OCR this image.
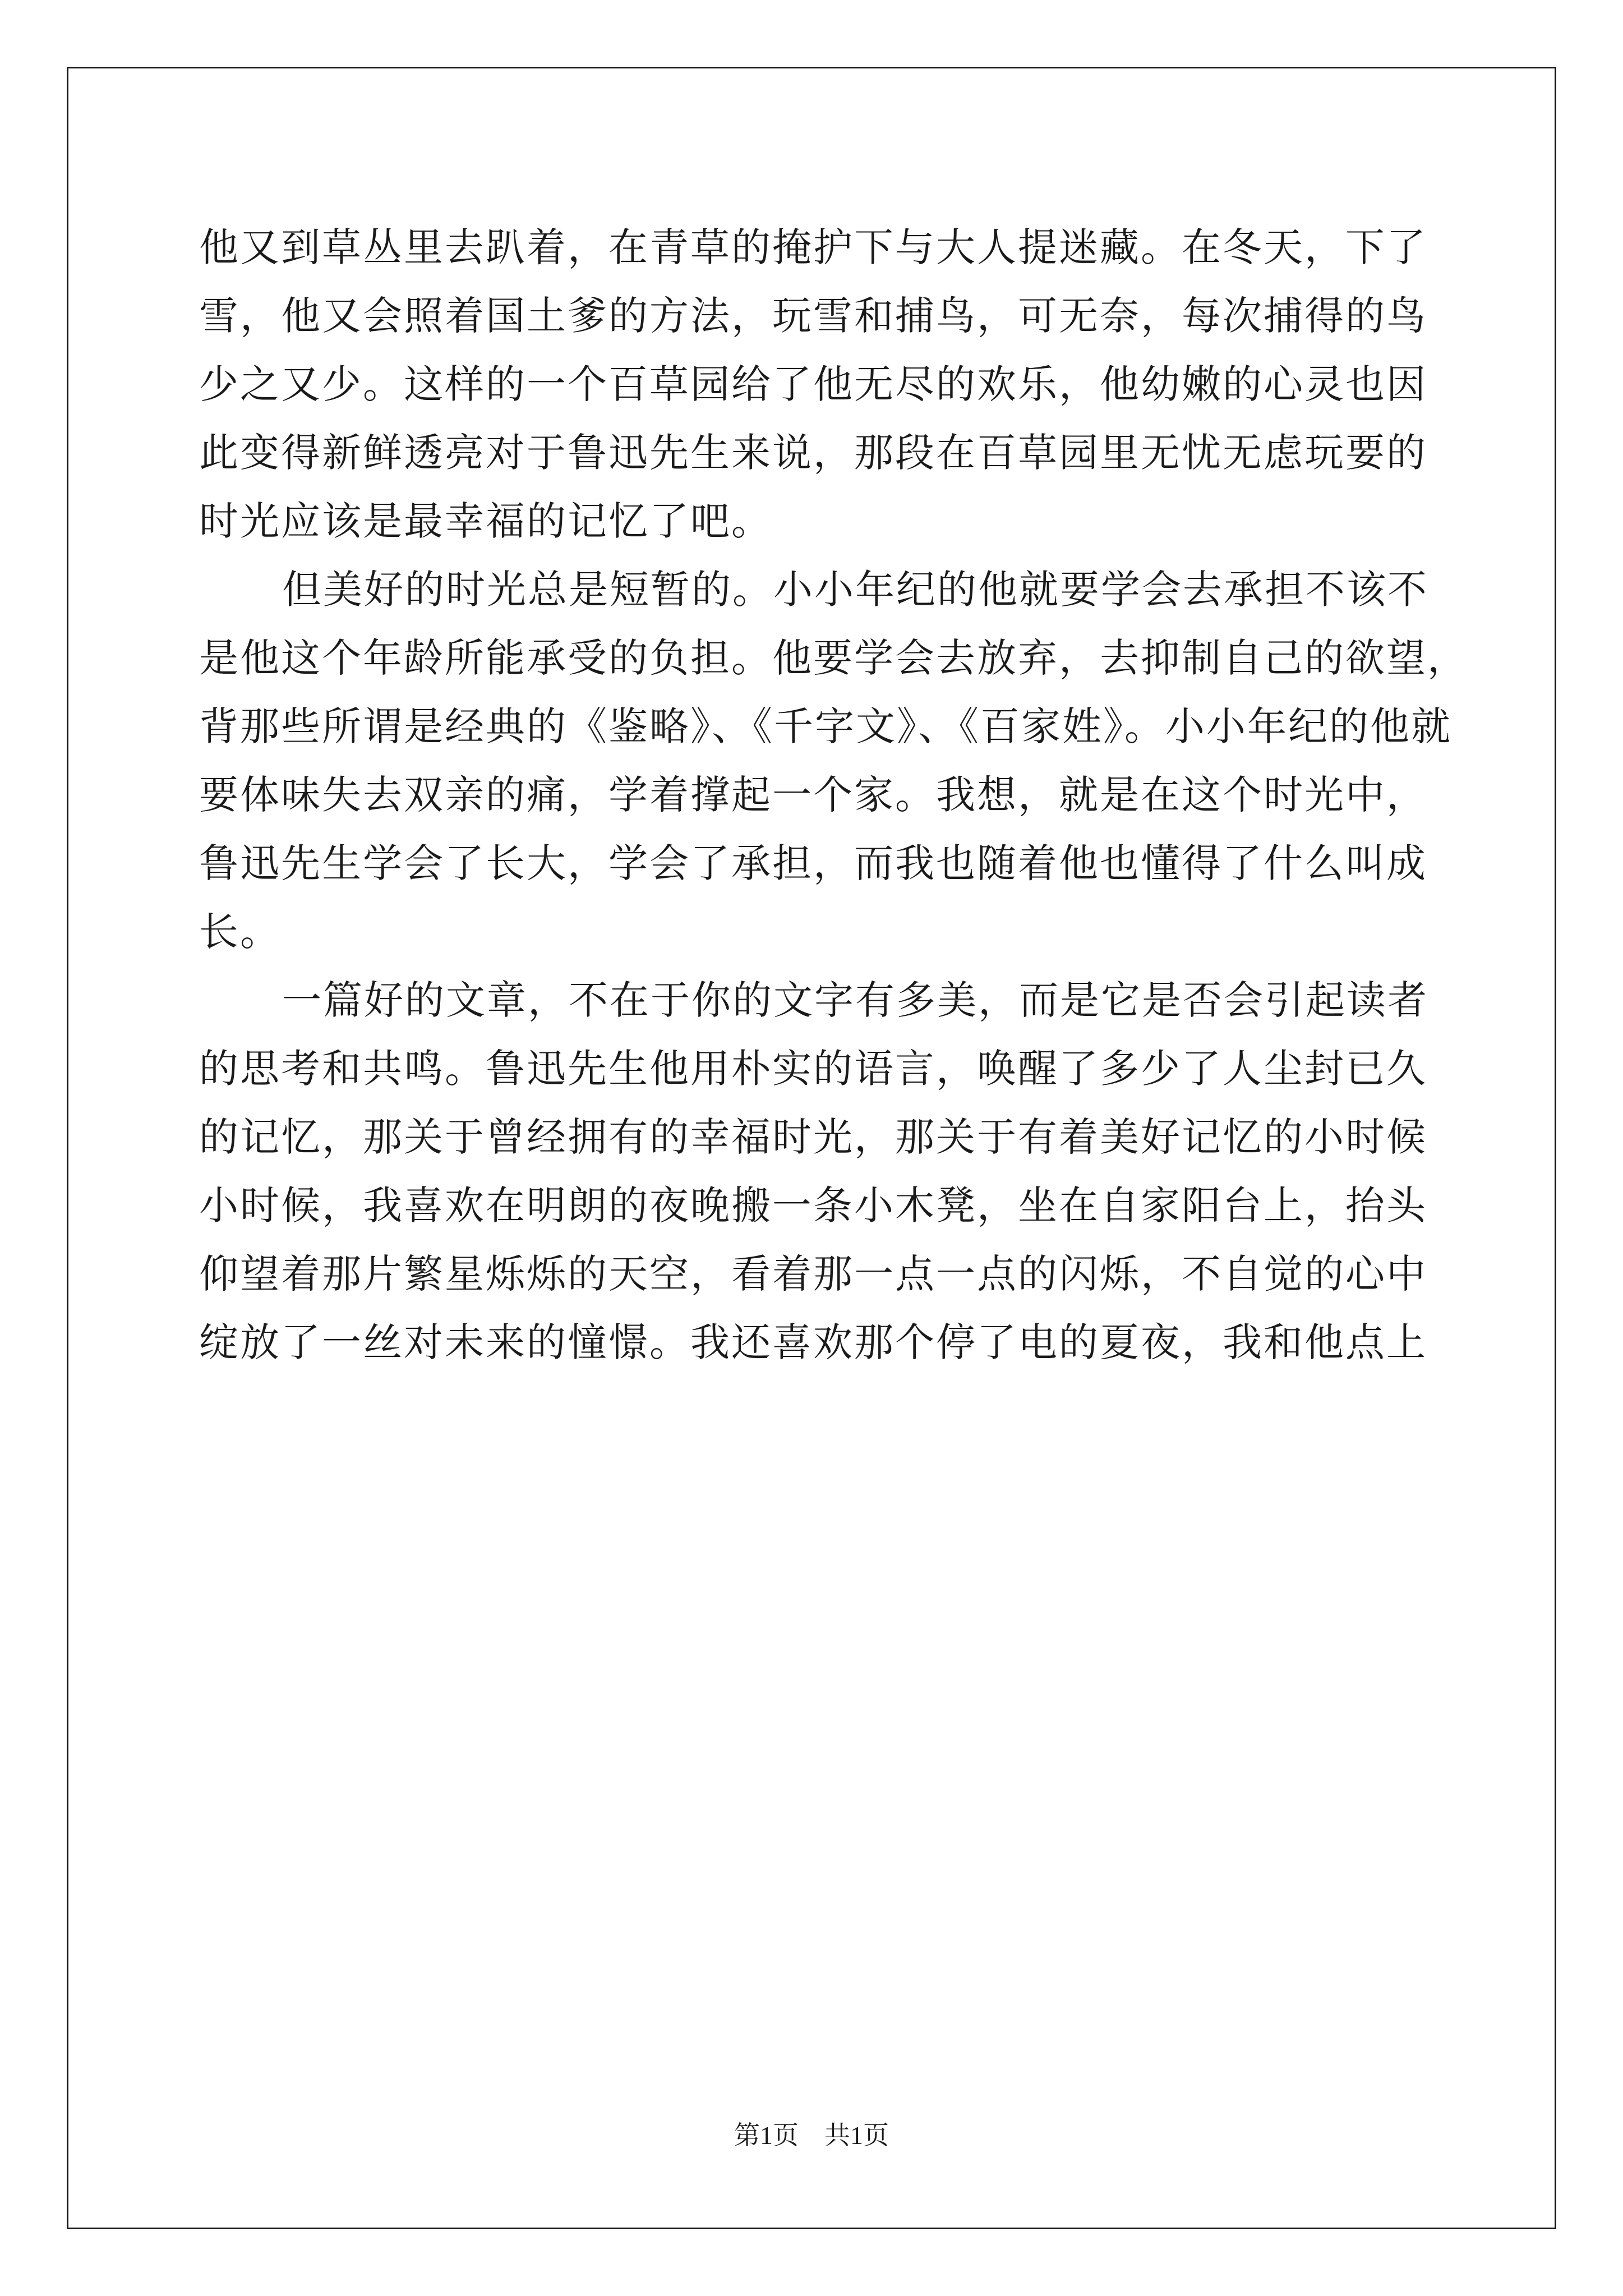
他又到草丛里去趴着，在青草的掩护下与大人提迷藏。在冬天，下了
雪，他又会照着国土爹的方法，玩雪和捕鸟，可无奈，每次捕得的鸟
少之又少。这样的一个百草园给了他无尽的欢乐，他幼嫩的心灵也因
此变得新鲜透亮对于鲁迅先生来说，那段在百草园里无忧无虑玩要的
时光应该是最幸福的记忆了吧。
但美好的时光总是短暂的。小小年纪的他就要学会去承担不该不
是他这个年龄所能承受的负担。他要学会去放弃，去抑制自己的欲望，
背那些所谓是经典的《鉴略》、《千字文》、《百家姓》。小小年纪的他就
要体味失去双亲的痛，学着撑起一个家。我想，就是在这个时光中，
鲁迅先生学会了长大，学会了承担，而我也随着他也懂得了什么叫成
长。
一篇好的文章，不在于你的文字有多美，而是它是否会引起读者
的思考和共鸣。鲁迅先生他用朴实的语言，唤醒了多少了人尘封已久
的记忆，那关于曾经拥有的幸福时光，那关于有着美好记忆的小时候
小时候，我喜欢在明朗的夜晚搬一条小木凳，坐在自家阳台上，抬头
仰望着那片繁星烁烁的天空，看着那一点一点的闪烁，不自觉的心中
绽放了一丝对未来的憧憬。我还喜欢那个停了电的夏夜，我和他点上
第1页　共1页
